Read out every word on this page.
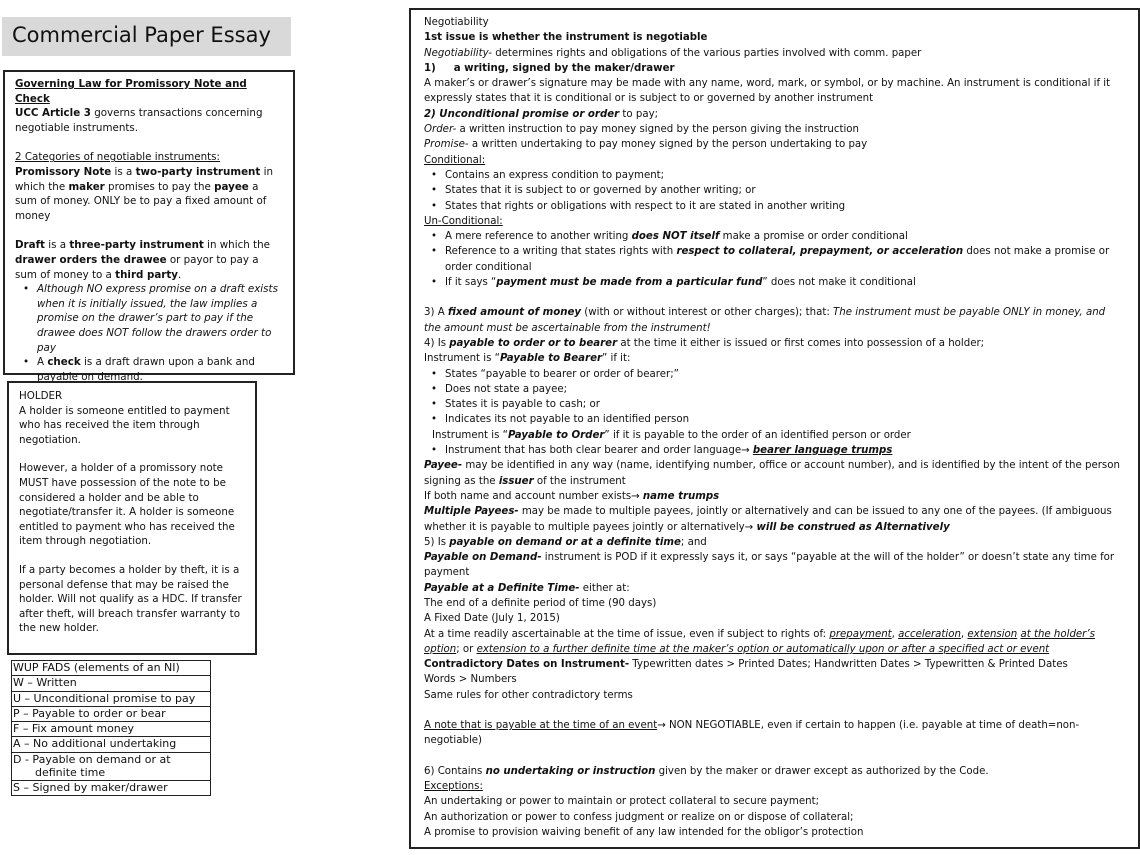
Commercial Paper Essay
Governing Law for Promissory Note and Check
UCC Article 3 governs transactions concerning negotiable instruments.
2 Categories of negotiable instruments:
Promissory Note is a two-party instrument in which the maker promises to pay the payee a sum of money. ONLY be to pay a fixed amount of money
Draft is a three-party instrument in which the drawer orders the drawee or payor to pay a sum of money to a third party.
• Although NO express promise on a draft exists when it is initially issued, the law implies a promise on the drawer’s part to pay if the drawee does NOT follow the drawers order to pay
• A check is a draft drawn upon a bank and payable on demand.
HOLDER

A holder is someone entitled to payment who has received the item through negotiation.

However, a holder of a promissory note MUST have possession of the note to be considered a holder and be able to negotiate/transfer it. A holder is someone entitled to payment who has received the item through negotiation.

If a party becomes a holder by theft, it is a personal defense that may be raised the holder. Will not qualify as a HDC. If transfer after theft, will breach transfer warranty to the new holder.

WUP FADS (elements of an NI)
W – Written
U – Unconditional promise to pay
P – Payable to order or bear
F – Fix amount money
A – No additional undertaking
D - Payable on demand or at
definite time
S – Signed by maker/drawer

Negotiability

1st issue is whether the instrument is negotiable

Negotiability- determines rights and obligations of the various parties involved with comm. paper

1) a writing, signed by the maker/drawer

A maker’s or drawer’s signature may be made with any name, word, mark, or symbol, or by machine. An instrument is conditional if it expressly states that it is conditional or is subject to or governed by another instrument

2) Unconditional promise or order to pay;

Order- a written instruction to pay money signed by the person giving the instruction

Promise- a written undertaking to pay money signed by the person undertaking to pay

Conditional:

• Contains an express condition to payment;
• States that it is subject to or governed by another writing; or
• States that rights or obligations with respect to it are stated in another writing

Un-Conditional:

• A mere reference to another writing does NOT itself make a promise or order conditional
• Reference to a writing that states rights with respect to collateral, prepayment, or acceleration does not make a promise or order conditional
• If it says “payment must be made from a particular fund” does not make it conditional

3) A fixed amount of money (with or without interest or other charges); that: The instrument must be payable ONLY in money, and the amount must be ascertainable from the instrument!

4) Is payable to order or to bearer at the time it either is issued or first comes into possession of a holder;

Instrument is “Payable to Bearer” if it:

• States “payable to bearer or order of bearer;”
• Does not state a payee;
• States it is payable to cash; or
• Indicates its not payable to an identified person

Instrument is “Payable to Order” if it is payable to the order of an identified person or order

• Instrument that has both clear bearer and order language→ bearer language trumps

Payee- may be identified in any way (name, identifying number, office or account number), and is identified by the intent of the person signing as the issuer of the instrument

If both name and account number exists→ name trumps

Multiple Payees- may be made to multiple payees, jointly or alternatively and can be issued to any one of the payees. (If ambiguous whether it is payable to multiple payees jointly or alternatively→ will be construed as Alternatively

5) Is payable on demand or at a definite time; and

Payable on Demand- instrument is POD if it expressly says it, or says “payable at the will of the holder” or doesn’t state any time for payment

Payable at a Definite Time- either at:

The end of a definite period of time (90 days)

A Fixed Date (July 1, 2015)

At a time readily ascertainable at the time of issue, even if subject to rights of: prepayment, acceleration, extension at the holder’s option; or extension to a further definite time at the maker’s option or automatically upon or after a specified act or event

Contradictory Dates on Instrument- Typewritten dates > Printed Dates; Handwritten Dates > Typewritten & Printed Dates

Words > Numbers

Same rules for other contradictory terms

A note that is payable at the time of an event→ NON NEGOTIABLE, even if certain to happen (i.e. payable at time of death=non-negotiable)

6) Contains no undertaking or instruction given by the maker or drawer except as authorized by the Code.

Exceptions:

An undertaking or power to maintain or protect collateral to secure payment;

An authorization or power to confess judgment or realize on or dispose of collateral;

A promise to provision waiving benefit of any law intended for the obligor’s protection
